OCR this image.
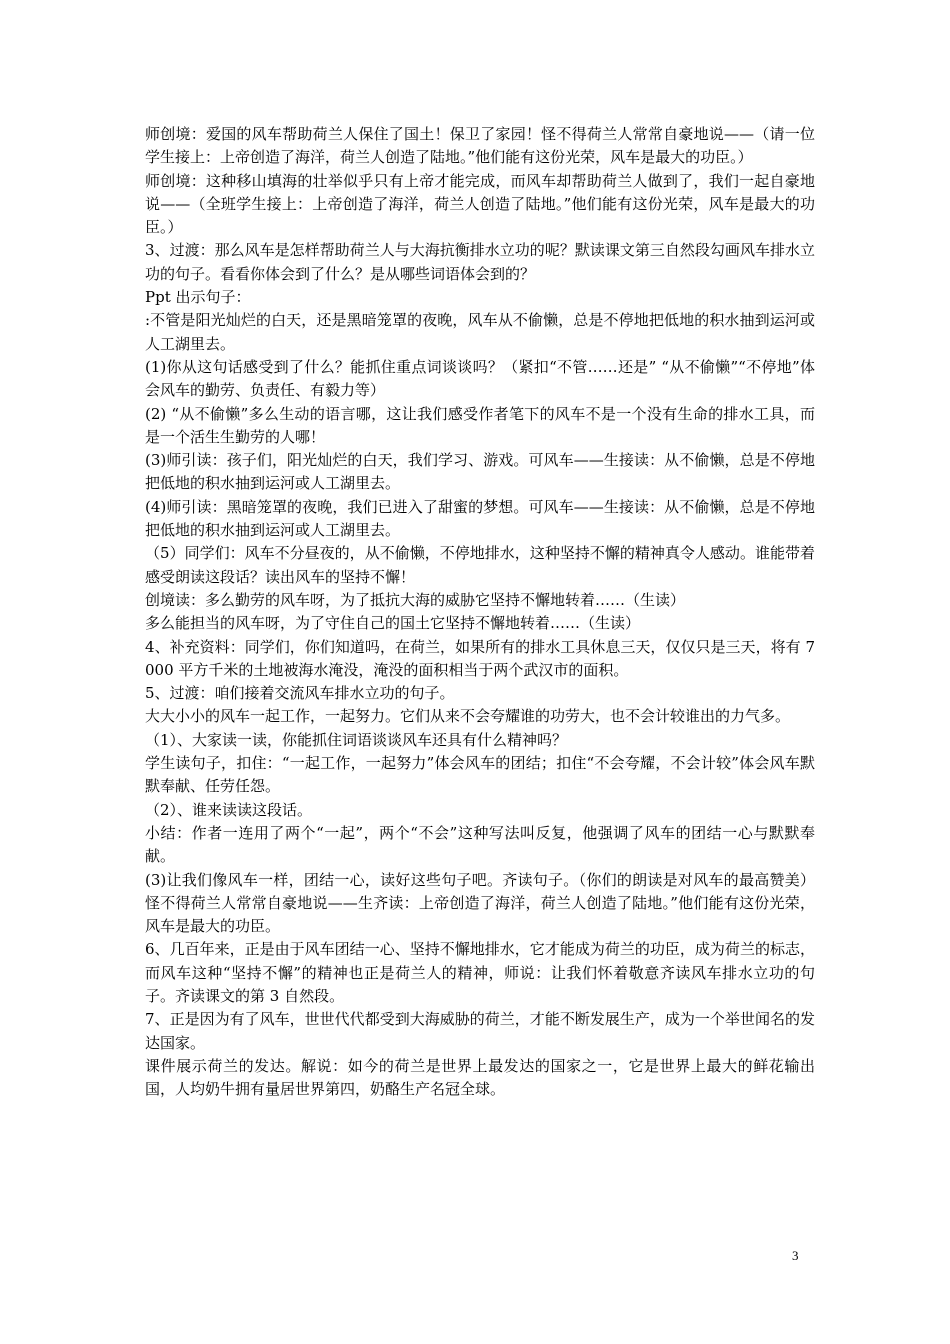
师创境：爱国的风车帮助荷兰人保住了国土！保卫了家园！怪不得荷兰人常常自豪地说——（请一位学生接上：上帝创造了海洋，荷兰人创造了陆地。”他们能有这份光荣，风车是最大的功臣。）

师创境：这种移山填海的壮举似乎只有上帝才能完成，而风车却帮助荷兰人做到了，我们一起自豪地说——（全班学生接上：上帝创造了海洋，荷兰人创造了陆地。”他们能有这份光荣，风车是最大的功臣。）

3、过渡：那么风车是怎样帮助荷兰人与大海抗衡排水立功的呢？默读课文第三自然段勾画风车排水立功的句子。看看你体会到了什么？是从哪些词语体会到的？

Ppt 出示句子：

:不管是阳光灿烂的白天，还是黑暗笼罩的夜晚，风车从不偷懒，总是不停地把低地的积水抽到运河或人工湖里去。

(1)你从这句话感受到了什么？能抓住重点词谈谈吗？（紧扣“不管……还是” “从不偷懒”“不停地”体会风车的勤劳、负责任、有毅力等）

(2) “从不偷懒”多么生动的语言哪，这让我们感受作者笔下的风车不是一个没有生命的排水工具，而是一个活生生勤劳的人哪！

(3)师引读：孩子们，阳光灿烂的白天，我们学习、游戏。可风车——生接读：从不偷懒，总是不停地把低地的积水抽到运河或人工湖里去。

(4)师引读：黑暗笼罩的夜晚，我们已进入了甜蜜的梦想。可风车——生接读：从不偷懒，总是不停地把低地的积水抽到运河或人工湖里去。

（5）同学们：风车不分昼夜的，从不偷懒，不停地排水，这种坚持不懈的精神真令人感动。谁能带着感受朗读这段话？读出风车的坚持不懈！

创境读：多么勤劳的风车呀，为了抵抗大海的威胁它坚持不懈地转着……（生读）

多么能担当的风车呀，为了守住自己的国土它坚持不懈地转着……（生读）

4、补充资料：同学们，你们知道吗，在荷兰，如果所有的排水工具休息三天，仅仅只是三天，将有 7000 平方千米的土地被海水淹没，淹没的面积相当于两个武汉市的面积。

5、过渡：咱们接着交流风车排水立功的句子。

大大小小的风车一起工作，一起努力。它们从来不会夸耀谁的功劳大，也不会计较谁出的力气多。

（1）、大家读一读，你能抓住词语谈谈风车还具有什么精神吗？

学生读句子，扣住：“一起工作，一起努力”体会风车的团结；扣住“不会夸耀，不会计较”体会风车默默奉献、任劳任怨。

（2）、谁来读读这段话。

小结：作者一连用了两个“一起”，两个“不会”这种写法叫反复，他强调了风车的团结一心与默默奉献。

(3)让我们像风车一样，团结一心，读好这些句子吧。齐读句子。（你们的朗读是对风车的最高赞美）怪不得荷兰人常常自豪地说——生齐读：上帝创造了海洋，荷兰人创造了陆地。”他们能有这份光荣，风车是最大的功臣。

6、几百年来，正是由于风车团结一心、坚持不懈地排水，它才能成为荷兰的功臣，成为荷兰的标志，而风车这种“坚持不懈”的精神也正是荷兰人的精神，师说：让我们怀着敬意齐读风车排水立功的句子。齐读课文的第 3 自然段。

7、正是因为有了风车，世世代代都受到大海威胁的荷兰，才能不断发展生产，成为一个举世闻名的发达国家。

课件展示荷兰的发达。解说：如今的荷兰是世界上最发达的国家之一，它是世界上最大的鲜花输出国，人均奶牛拥有量居世界第四，奶酪生产名冠全球。

3
